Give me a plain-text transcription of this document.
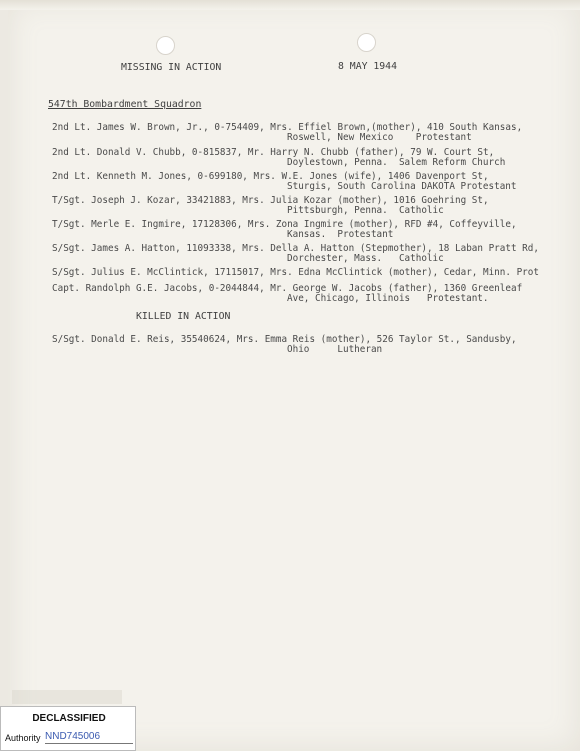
MISSING IN ACTION	8 MAY 1944
547th Bombardment Squadron
2nd Lt. James W. Brown, Jr., 0-754409, Mrs. Effiel Brown,(mother), 410 South Kansas,
Roswell, New Mexico    Protestant
2nd Lt. Donald V. Chubb, 0-815837, Mr. Harry N. Chubb (father), 79 W. Court St,
Doylestown, Penna.  Salem Reform Church
2nd Lt. Kenneth M. Jones, 0-699180, Mrs. W.E. Jones (wife), 1406 Davenport St,
Sturgis, South Carolina DAKOTA Protestant
T/Sgt. Joseph J. Kozar, 33421883, Mrs. Julia Kozar (mother), 1016 Goehring St,
Pittsburgh, Penna.  Catholic
T/Sgt. Merle E. Ingmire, 17128306, Mrs. Zona Ingmire (mother), RFD #4, Coffeyville,
Kansas.  Protestant
S/Sgt. James A. Hatton, 11093338, Mrs. Della A. Hatton (Stepmother), 18 Laban Pratt Rd,
Dorchester, Mass.   Catholic
S/Sgt. Julius E. McClintick, 17115017, Mrs. Edna McClintick (mother), Cedar, Minn. Prot
Capt. Randolph G.E. Jacobs, 0-2044844, Mr. George W. Jacobs (father), 1360 Greenleaf
Ave, Chicago, Illinois   Protestant.
KILLED IN ACTION
S/Sgt. Donald E. Reis, 35540624, Mrs. Emma Reis (mother), 526 Taylor St., Sandusby,
Ohio     Lutheran
DECLASSIFIED
Authority NND745006
